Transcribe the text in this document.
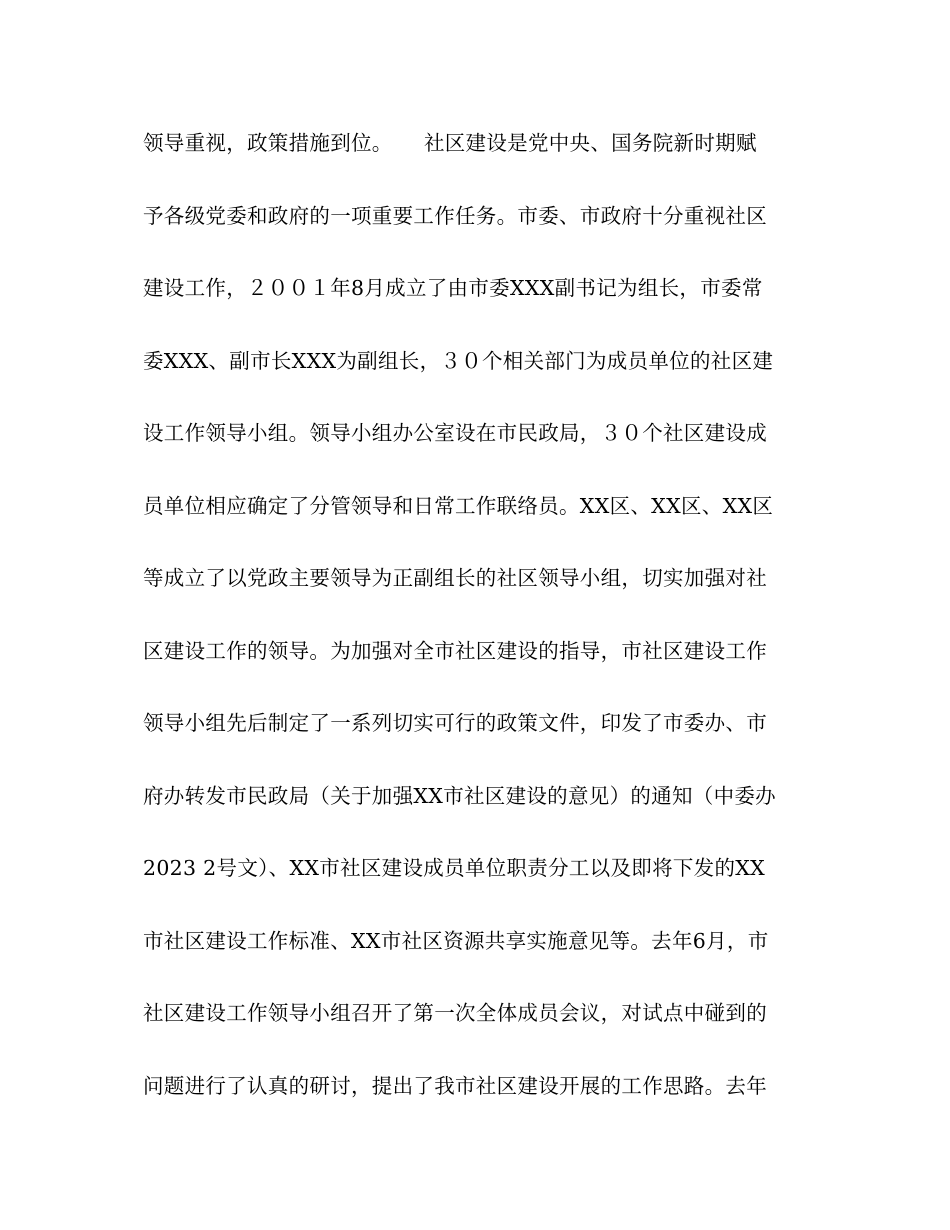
领导重视，政策措施到位。　　社区建设是党中央、国务院新时期赋
予各级党委和政府的一项重要工作任务。市委、市政府十分重视社区
建设工作，２００１年8月成立了由市委XXX副书记为组长，市委常
委XXX、副市长XXX为副组长，３０个相关部门为成员单位的社区建
设工作领导小组。领导小组办公室设在市民政局，３０个社区建设成
员单位相应确定了分管领导和日常工作联络员。XX区、XX区、XX区
等成立了以党政主要领导为正副组长的社区领导小组，切实加强对社
区建设工作的领导。为加强对全市社区建设的指导，市社区建设工作
领导小组先后制定了一系列切实可行的政策文件，印发了市委办、市
府办转发市民政局（关于加强XX市社区建设的意见）的通知（中委办
2023 2号文）、XX市社区建设成员单位职责分工以及即将下发的XX
市社区建设工作标准、XX市社区资源共享实施意见等。去年6月，市
社区建设工作领导小组召开了第一次全体成员会议，对试点中碰到的
问题进行了认真的研讨，提出了我市社区建设开展的工作思路。去年
